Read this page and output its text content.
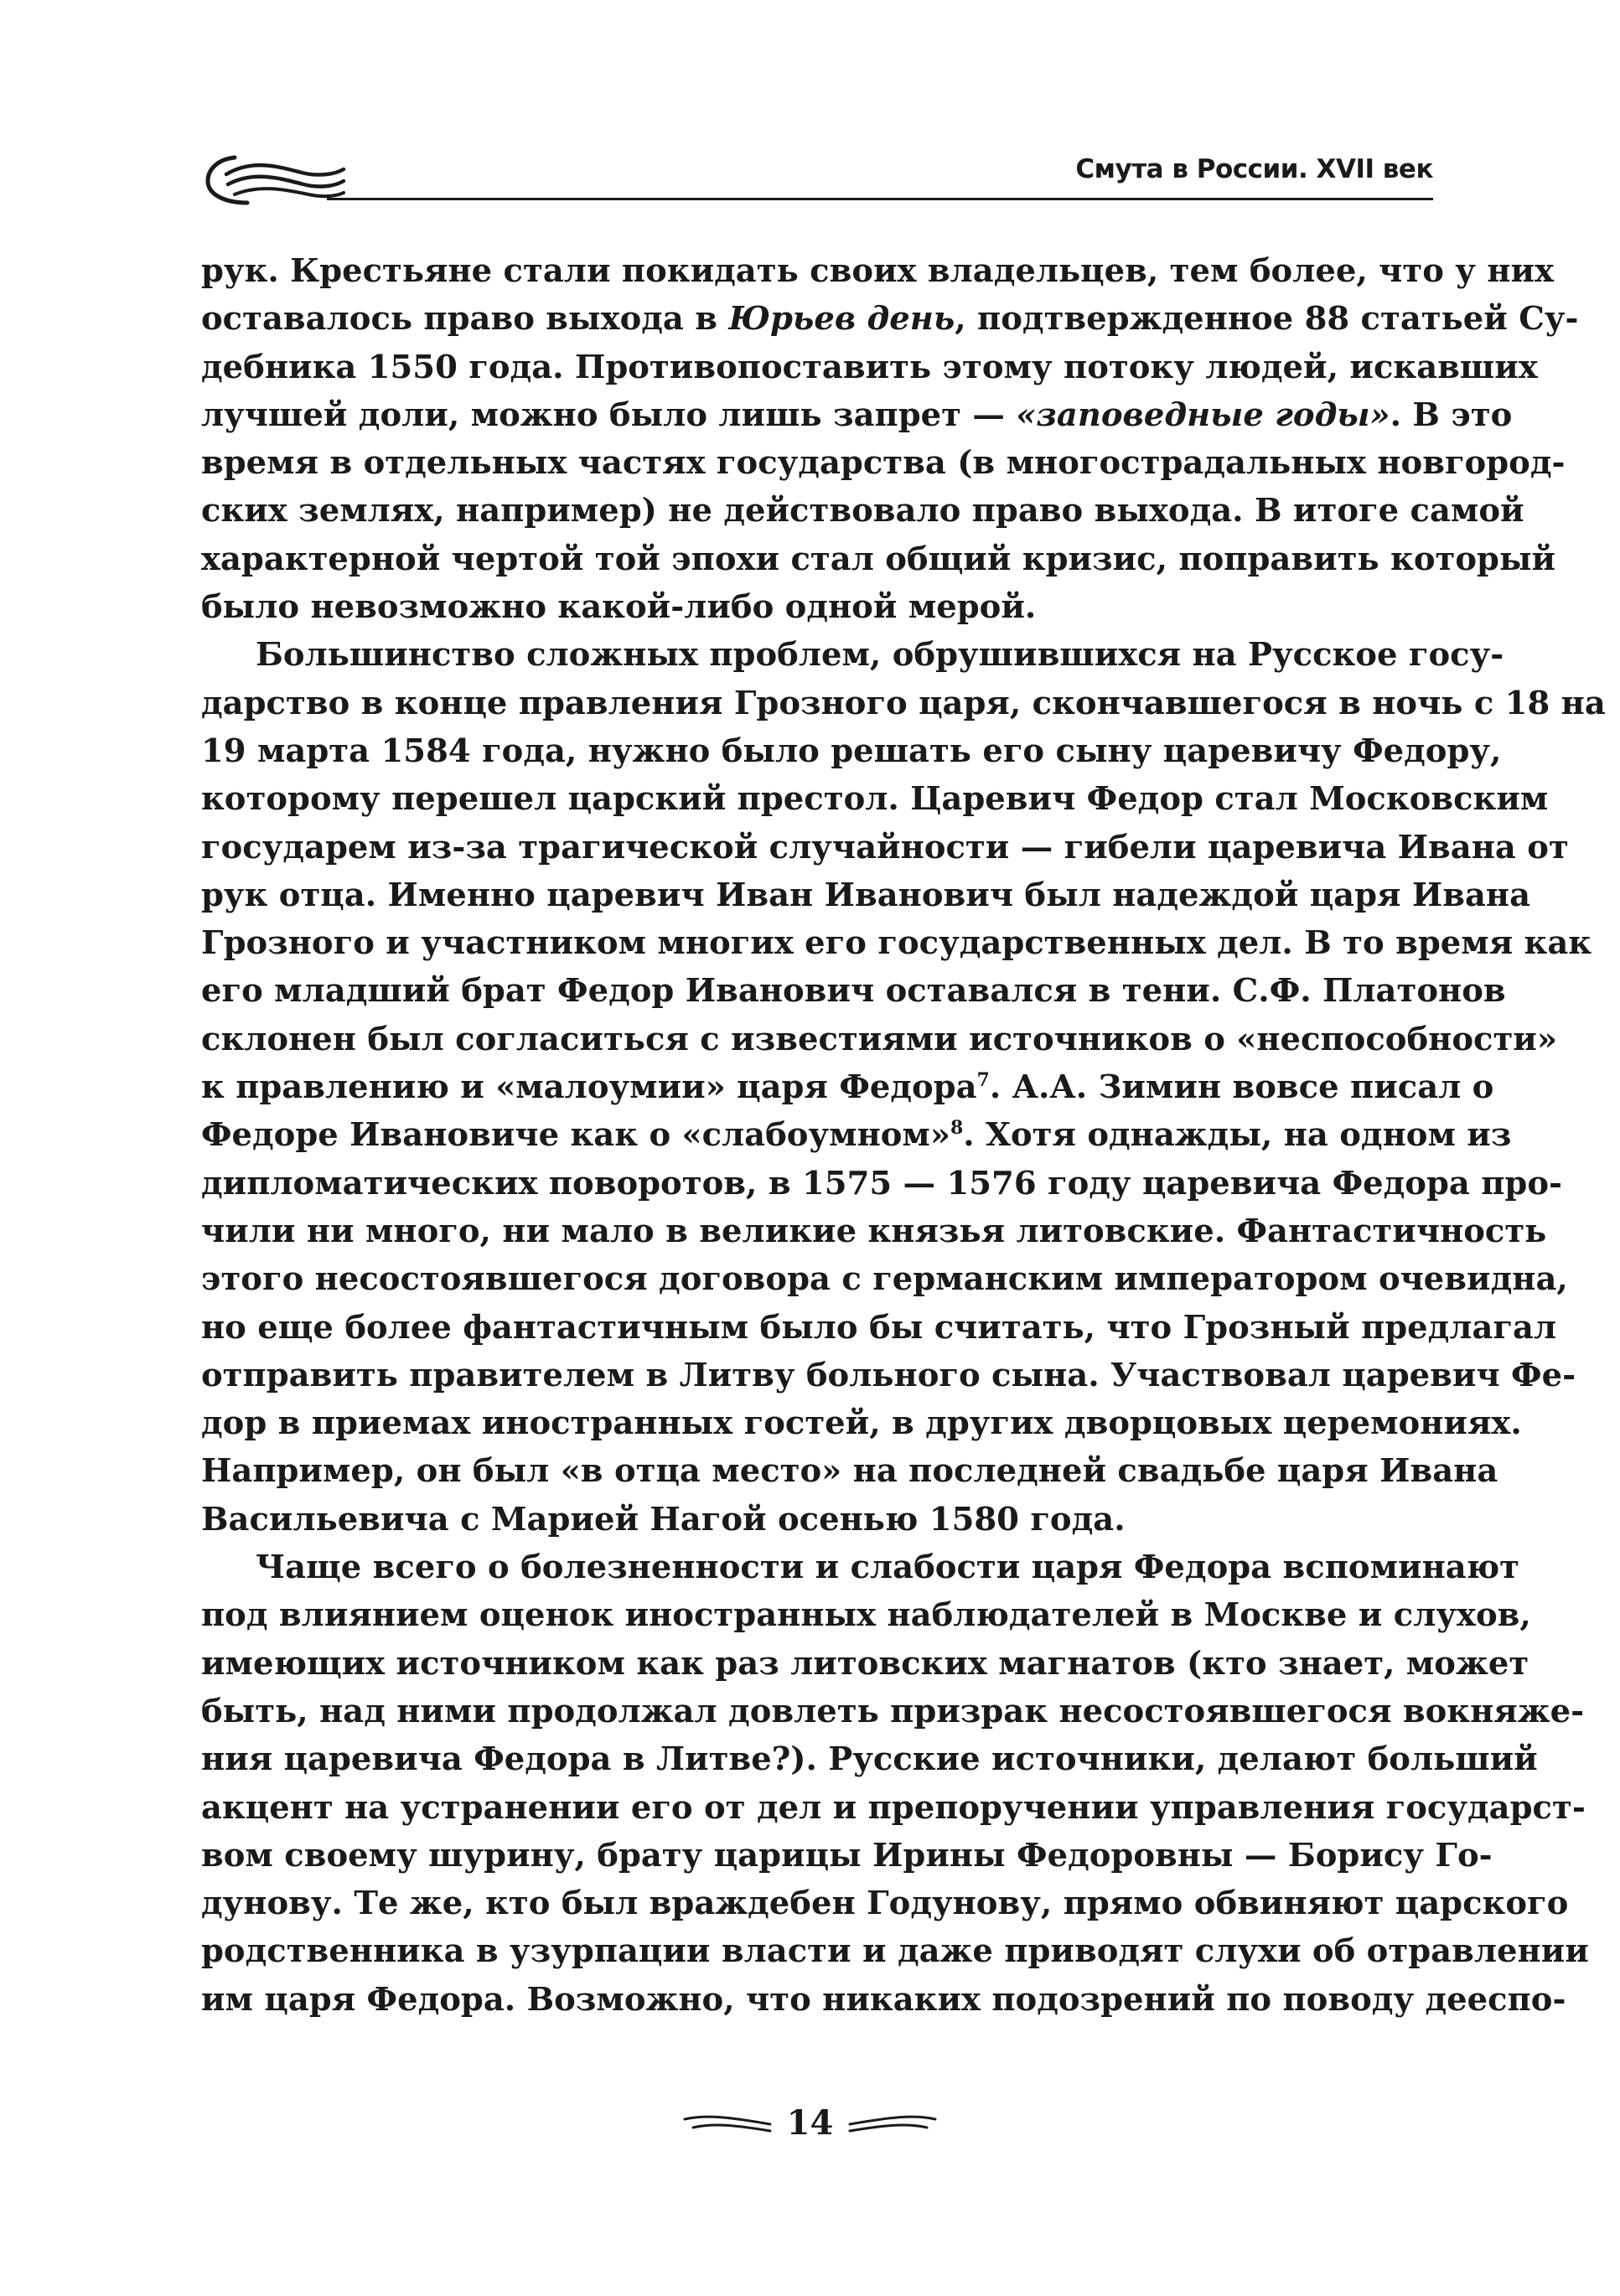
Смута в России. XVII век

рук. Крестьяне стали покидать своих владельцев, тем более, что у них
оставалось право выхода в Юрьев день, подтвержденное 88 статьей Су-
дебника 1550 года. Противопоставить этому потоку людей, искавших
лучшей доли, можно было лишь запрет — «заповедные годы». В это
время в отдельных частях государства (в многострадальных новгород-
ских землях, например) не действовало право выхода. В итоге самой
характерной чертой той эпохи стал общий кризис, поправить который
было невозможно какой-либо одной мерой.

Большинство сложных проблем, обрушившихся на Русское госу-
дарство в конце правления Грозного царя, скончавшегося в ночь с 18 на
19 марта 1584 года, нужно было решать его сыну царевичу Федору,
которому перешел царский престол. Царевич Федор стал Московским
государем из-за трагической случайности — гибели царевича Ивана от
рук отца. Именно царевич Иван Иванович был надеждой царя Ивана
Грозного и участником многих его государственных дел. В то время как
его младший брат Федор Иванович оставался в тени. С.Ф. Платонов
склонен был согласиться с известиями источников о «неспособности»
к правлению и «малоумии» царя Федора$^7$. А.А. Зимин вовсе писал о
Федоре Ивановиче как о «слабоумном»$^8$. Хотя однажды, на одном из
дипломатических поворотов, в 1575 — 1576 году царевича Федора про-
чили ни много, ни мало в великие князья литовские. Фантастичность
этого несостоявшегося договора с германским императором очевидна,
но еще более фантастичным было бы считать, что Грозный предлагал
отправить правителем в Литву больного сына. Участвовал царевич Фе-
дор в приемах иностранных гостей, в других дворцовых церемониях.
Например, он был «в отца место» на последней свадьбе царя Ивана
Васильевича с Марией Нагой осенью 1580 года.

Чаще всего о болезненности и слабости царя Федора вспоминают
под влиянием оценок иностранных наблюдателей в Москве и слухов,
имеющих источником как раз литовских магнатов (кто знает, может
быть, над ними продолжал довлеть призрак несостоявшегося вокняже-
ния царевича Федора в Литве?). Русские источники, делают больший
акцент на устранении его от дел и препоручении управления государст-
вом своему шурину, брату царицы Ирины Федоровны — Борису Го-
дунову. Те же, кто был враждебен Годунову, прямо обвиняют царского
родственника в узурпации власти и даже приводят слухи об отравлении
им царя Федора. Возможно, что никаких подозрений по поводу дееспо-

14
